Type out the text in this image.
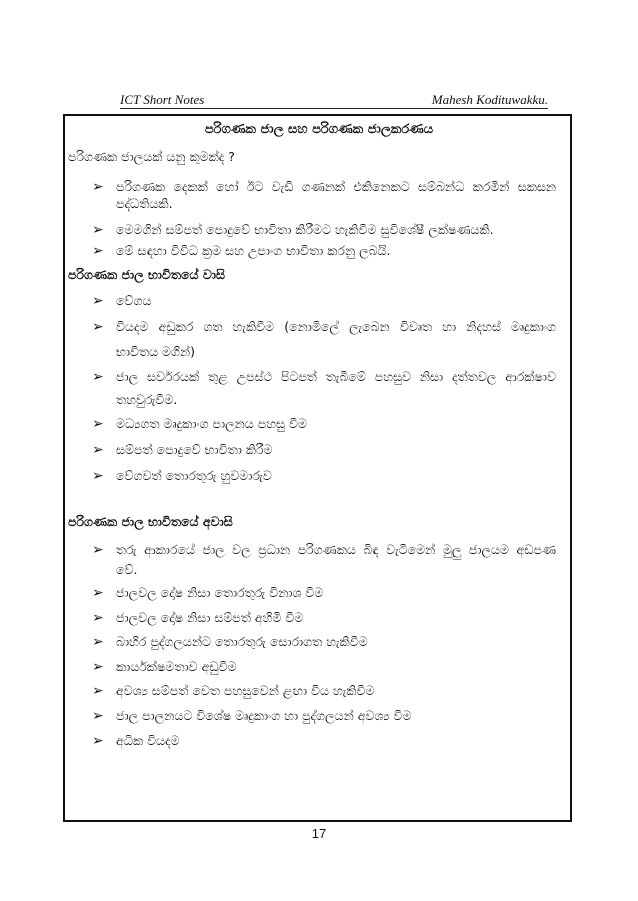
ICT Short Notes	Mahesh Kodituwakku.
පරිගණක ජාල සහ පරිගණක ජාලකරණය
පරිගණක ජාලයක් යනු කුමක්ද ?
➢ පරිගණක දෙකක් හෝ ඊට වැඩි ගණනක් එකිනෙකට සම්බන්ධ කරමින් සකසන
පද්ධතියකි.
➢ මෙමගින් සම්පත් පොදුවේ භාවිතා කිරීමට හැකිවීම සුවිශේෂී ලක්ෂණයකි.
➢ මේ සඳහා විවිධ ක්‍රම සහ උපාංග භාවිතා කරනු ලබයි.
පරිගණක ජාල භාවිතයේ වාසි
➢ වේගය
➢ වියදම අඩුකර ගත හැකිවීම (නොමිලේ ලැබෙන විවෘත හා නිදහස් මෘදුකාංග
භාවිතය මගින්)
➢ ජාල සර්වරයක් තුළ උපස්ථ පිටපත් තැබීමේ පහසුව නිසා දත්තවල ආරක්ෂාව
තහවුරුවීම.
➢ මධ්‍යගත මෘදුකාංග පාලනය පහසු වීම
➢ සම්පත් පොදුවේ භාවිතා කිරීම
➢ වේගවත් තොරතුරු හුවමාරුව
පරිගණක ජාල භාවිතයේ අවාසි
➢ තරු ආකාරයේ ජාල වල ප්‍රධාන පරිගණකය බිඳ වැටීමෙන් මුලු ජාලයම අඩපණ
වේ.
➢ ජාලවල දෝෂ නිසා තොරතුරු විනාශ වීම
➢ ජාලවල දෝෂ නිසා සම්පත් අහිමි වීම
➢ බාහිර පුද්ගලයන්ට තොරතුරු සොරාගත හැකිවීම
➢ කාර්යක්ෂමතාව අඩුවීම
➢ අවශ්‍ය සම්පත් වෙත පහසුවෙන් ළඟා විය හැකිවීම
➢ ජාල පාලනයට විශේෂ මෘදුකාංග හා පුද්ගලයන් අවශ්‍ය වීම
➢ අධික වියදම
17
